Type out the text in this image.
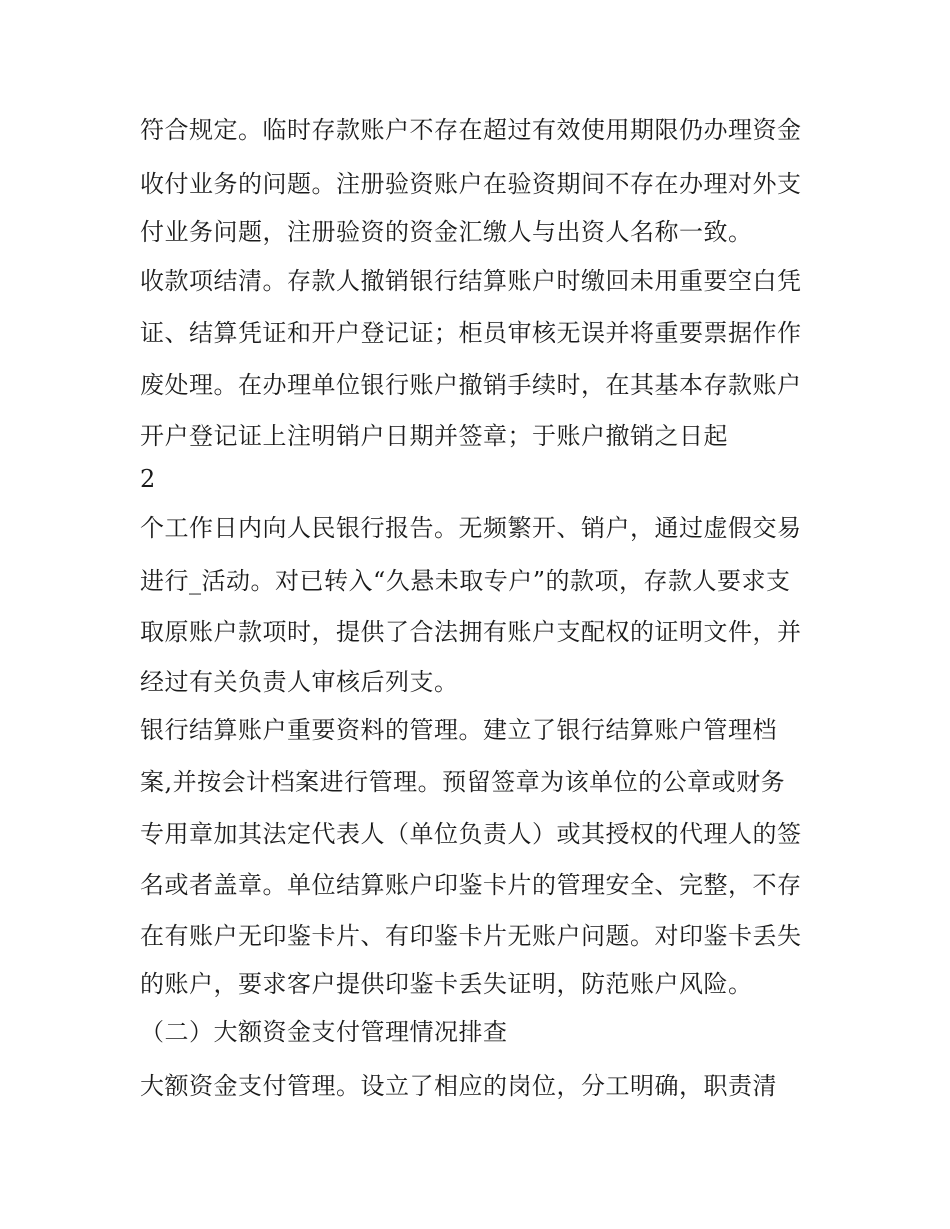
符合规定。临时存款账户不存在超过有效使用期限仍办理资金
收付业务的问题。注册验资账户在验资期间不存在办理对外支
付业务问题，注册验资的资金汇缴人与出资人名称一致。
收款项结清。存款人撤销银行结算账户时缴回未用重要空白凭
证、结算凭证和开户登记证；柜员审核无误并将重要票据作作
废处理。在办理单位银行账户撤销手续时，在其基本存款账户
开户登记证上注明销户日期并签章；于账户撤销之日起
2
个工作日内向人民银行报告。无频繁开、销户，通过虚假交易
进行_活动。对已转入“久悬未取专户”的款项，存款人要求支
取原账户款项时，提供了合法拥有账户支配权的证明文件，并
经过有关负责人审核后列支。
银行结算账户重要资料的管理。建立了银行结算账户管理档
案,并按会计档案进行管理。预留签章为该单位的公章或财务
专用章加其法定代表人（单位负责人）或其授权的代理人的签
名或者盖章。单位结算账户印鉴卡片的管理安全、完整，不存
在有账户无印鉴卡片、有印鉴卡片无账户问题。对印鉴卡丢失
的账户，要求客户提供印鉴卡丢失证明，防范账户风险。
（二）大额资金支付管理情况排查
大额资金支付管理。设立了相应的岗位，分工明确，职责清
